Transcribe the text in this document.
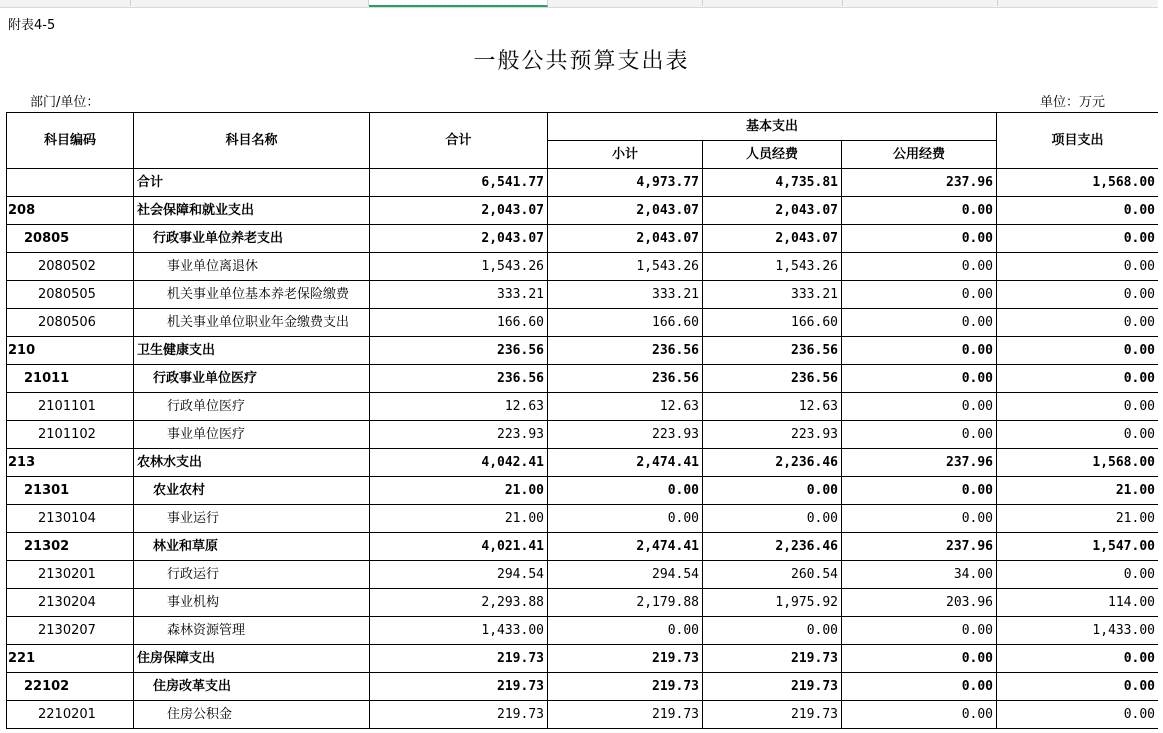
附表4-5
一般公共预算支出表
部门/单位：	单位：万元
科目编码	科目名称	合计	基本支出			项目支出
			小计	人员经费	公用经费	
	合计	6,541.77	4,973.77	4,735.81	237.96	1,568.00
208	社会保障和就业支出	2,043.07	2,043.07	2,043.07	0.00	0.00
20805	行政事业单位养老支出	2,043.07	2,043.07	2,043.07	0.00	0.00
2080502	事业单位离退休	1,543.26	1,543.26	1,543.26	0.00	0.00
2080505	机关事业单位基本养老保险缴费	333.21	333.21	333.21	0.00	0.00
2080506	机关事业单位职业年金缴费支出	166.60	166.60	166.60	0.00	0.00
210	卫生健康支出	236.56	236.56	236.56	0.00	0.00
21011	行政事业单位医疗	236.56	236.56	236.56	0.00	0.00
2101101	行政单位医疗	12.63	12.63	12.63	0.00	0.00
2101102	事业单位医疗	223.93	223.93	223.93	0.00	0.00
213	农林水支出	4,042.41	2,474.41	2,236.46	237.96	1,568.00
21301	农业农村	21.00	0.00	0.00	0.00	21.00
2130104	事业运行	21.00	0.00	0.00	0.00	21.00
21302	林业和草原	4,021.41	2,474.41	2,236.46	237.96	1,547.00
2130201	行政运行	294.54	294.54	260.54	34.00	0.00
2130204	事业机构	2,293.88	2,179.88	1,975.92	203.96	114.00
2130207	森林资源管理	1,433.00	0.00	0.00	0.00	1,433.00
221	住房保障支出	219.73	219.73	219.73	0.00	0.00
22102	住房改革支出	219.73	219.73	219.73	0.00	0.00
2210201	住房公积金	219.73	219.73	219.73	0.00	0.00
